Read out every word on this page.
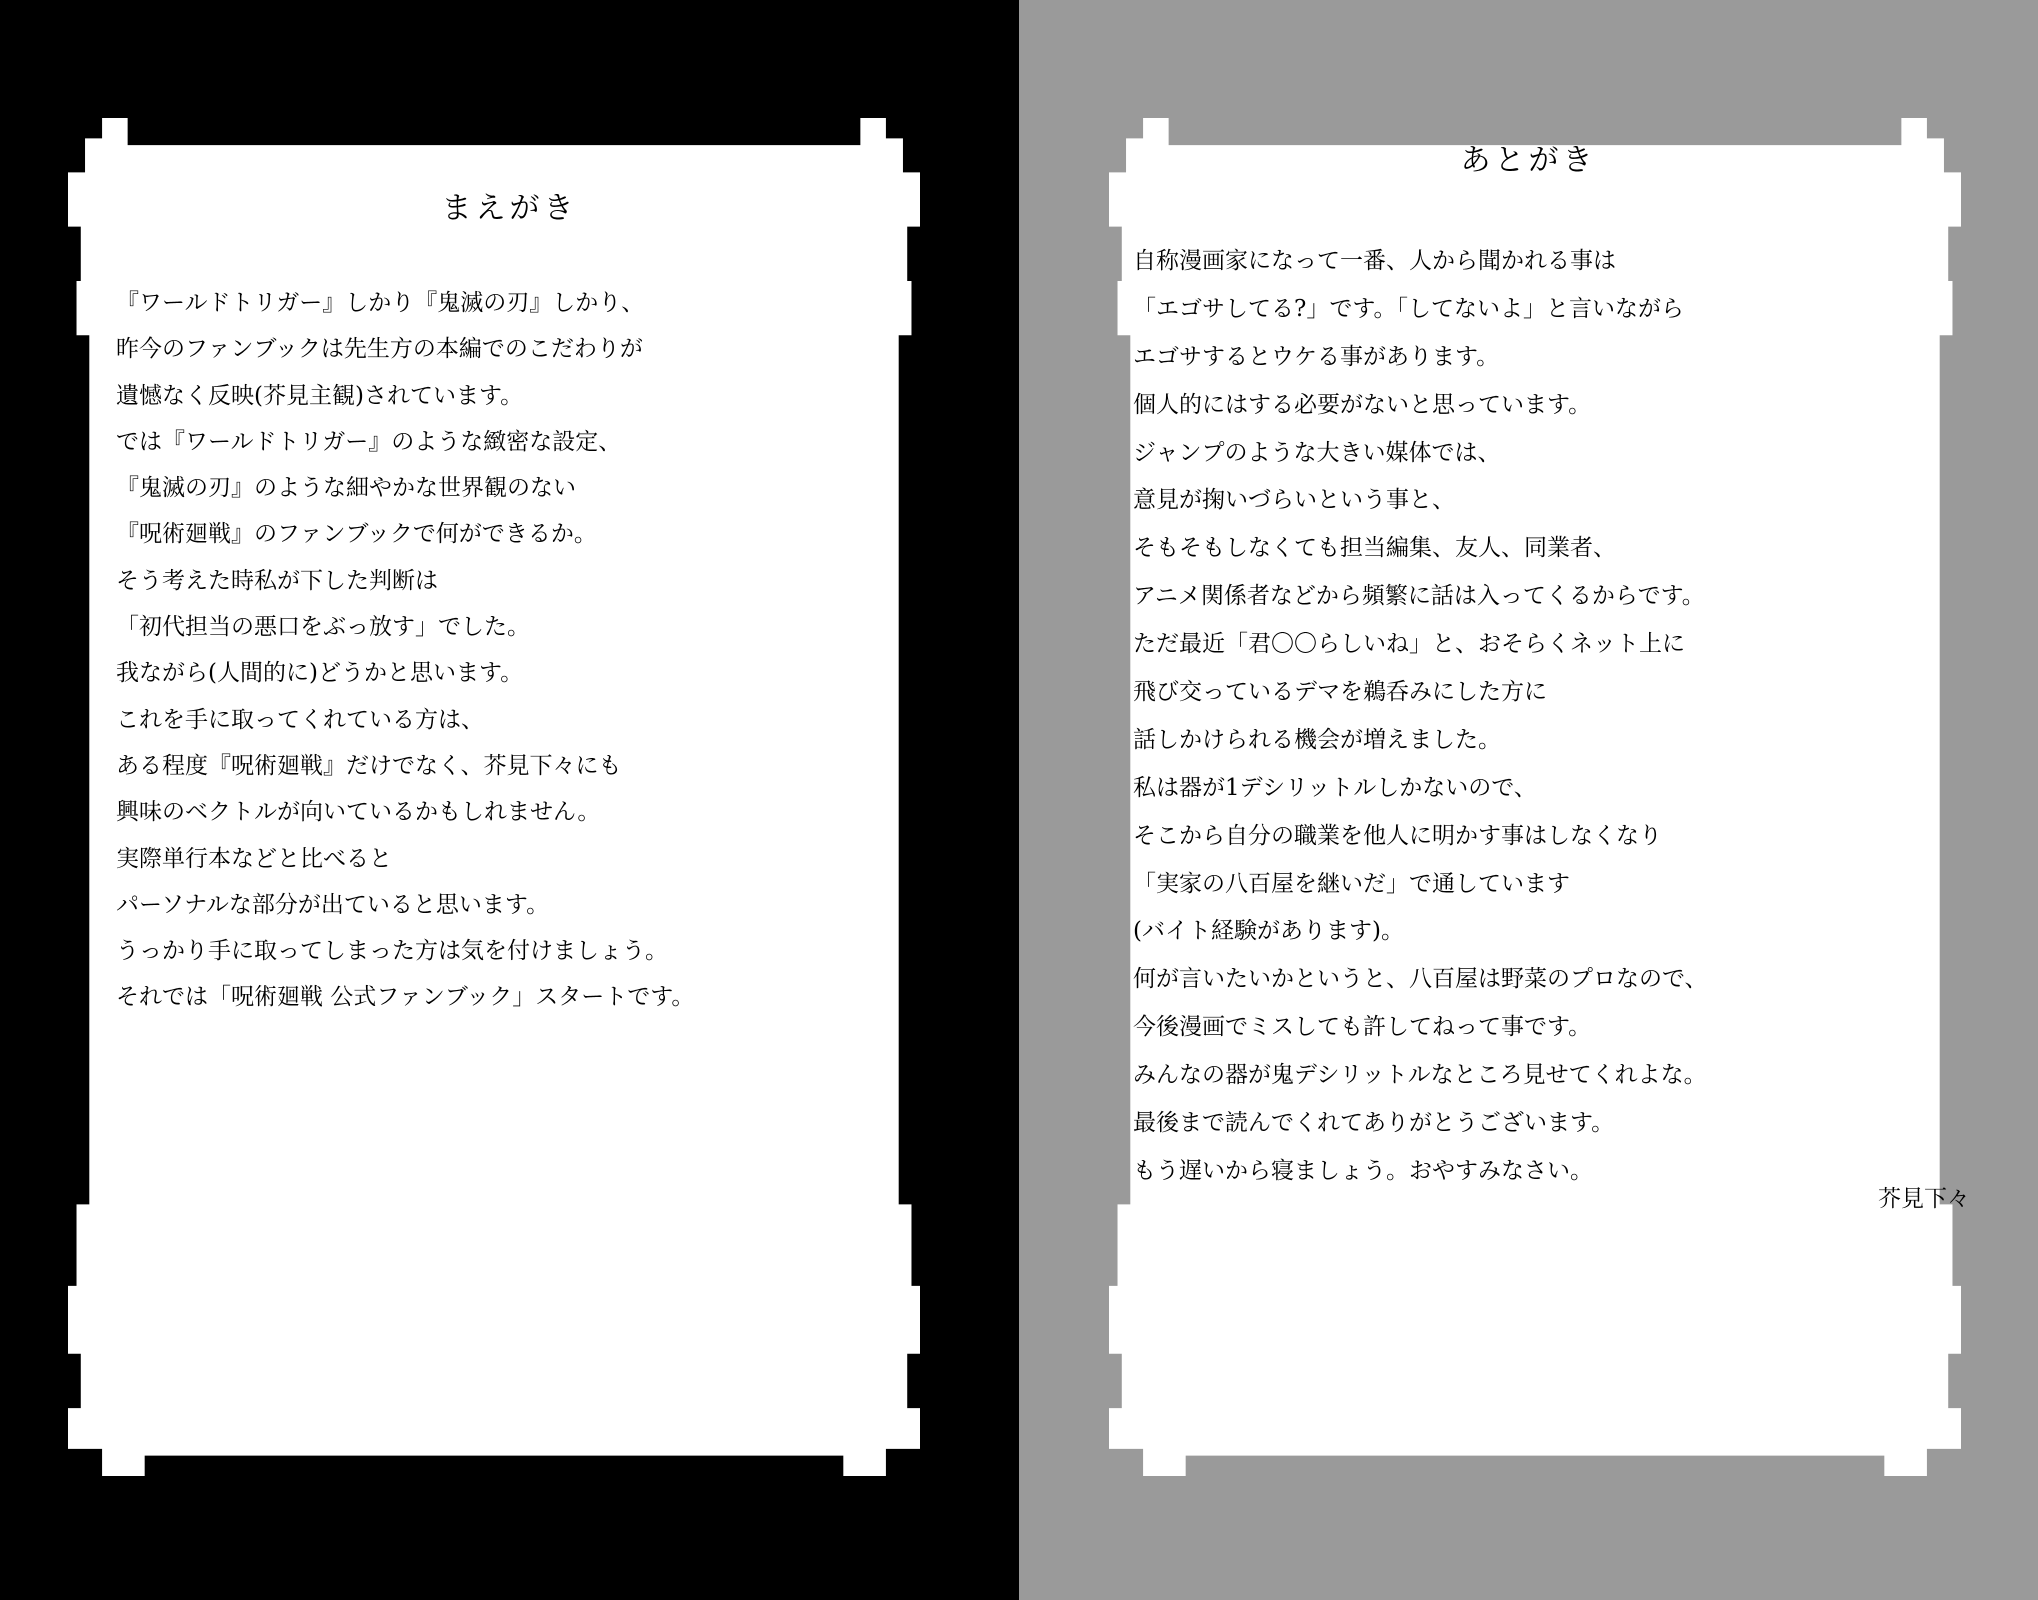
まえがき
『ワールドトリガー』しかり『鬼滅の刃』しかり、
昨今のファンブックは先生方の本編でのこだわりが
遺憾なく反映(芥見主観)されています。
では『ワールドトリガー』のような緻密な設定、
『鬼滅の刃』のような細やかな世界観のない
『呪術廻戦』のファンブックで何ができるか。
そう考えた時私が下した判断は
「初代担当の悪口をぶっ放す」でした。
我ながら(人間的に)どうかと思います。
これを手に取ってくれている方は、
ある程度『呪術廻戦』だけでなく、芥見下々にも
興味のベクトルが向いているかもしれません。
実際単行本などと比べると
パーソナルな部分が出ていると思います。
うっかり手に取ってしまった方は気を付けましょう。
それでは「呪術廻戦 公式ファンブック」スタートです。
あとがき
自称漫画家になって一番、人から聞かれる事は
「エゴサしてる?」です。「してないよ」と言いながら
エゴサするとウケる事があります。
個人的にはする必要がないと思っています。
ジャンプのような大きい媒体では、
意見が掬いづらいという事と、
そもそもしなくても担当編集、友人、同業者、
アニメ関係者などから頻繁に話は入ってくるからです。
ただ最近「君〇〇らしいね」と、おそらくネット上に
飛び交っているデマを鵜呑みにした方に
話しかけられる機会が増えました。
私は器が1デシリットルしかないので、
そこから自分の職業を他人に明かす事はしなくなり
「実家の八百屋を継いだ」で通しています
(バイト経験があります)。
何が言いたいかというと、八百屋は野菜のプロなので、
今後漫画でミスしても許してねって事です。
みんなの器が鬼デシリットルなところ見せてくれよな。
最後まで読んでくれてありがとうございます。
もう遅いから寝ましょう。おやすみなさい。
芥見下々
